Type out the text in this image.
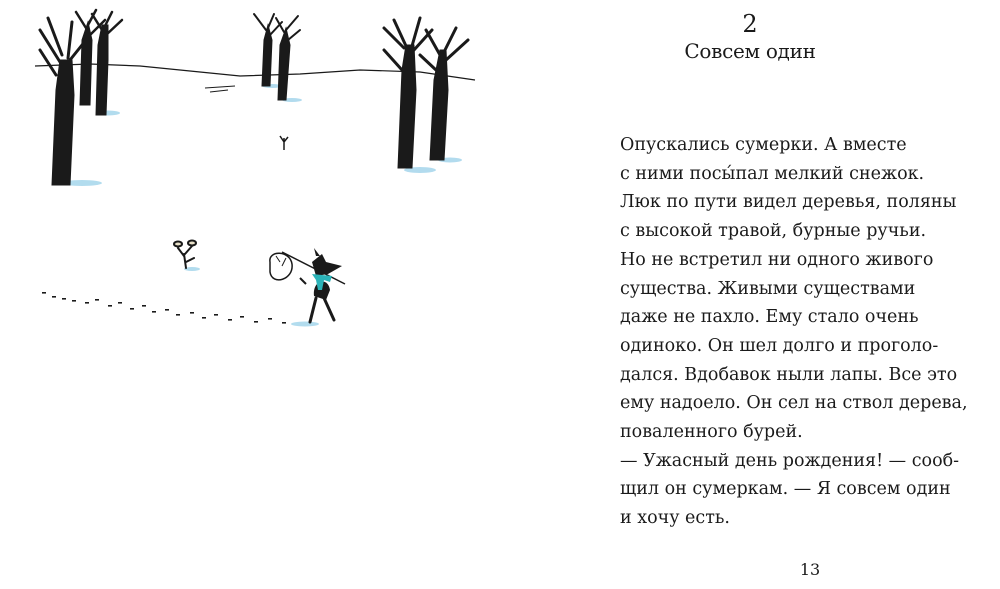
2
Совсем один
Опускались сумерки. А вместе
с ними посы́пал мелкий снежок.
Люк по пути видел деревья, поляны
с высокой травой, бурные ручьи.
Но не встретил ни одного живого
существа. Живыми существами
даже не пахло. Ему стало очень
одиноко. Он шел долго и проголо-
дался. Вдобавок ныли лапы. Все это
ему надоело. Он сел на ствол дерева,
поваленного бурей.
— Ужасный день рождения! — сооб-
щил он сумеркам. — Я совсем один
и хочу есть.
13
